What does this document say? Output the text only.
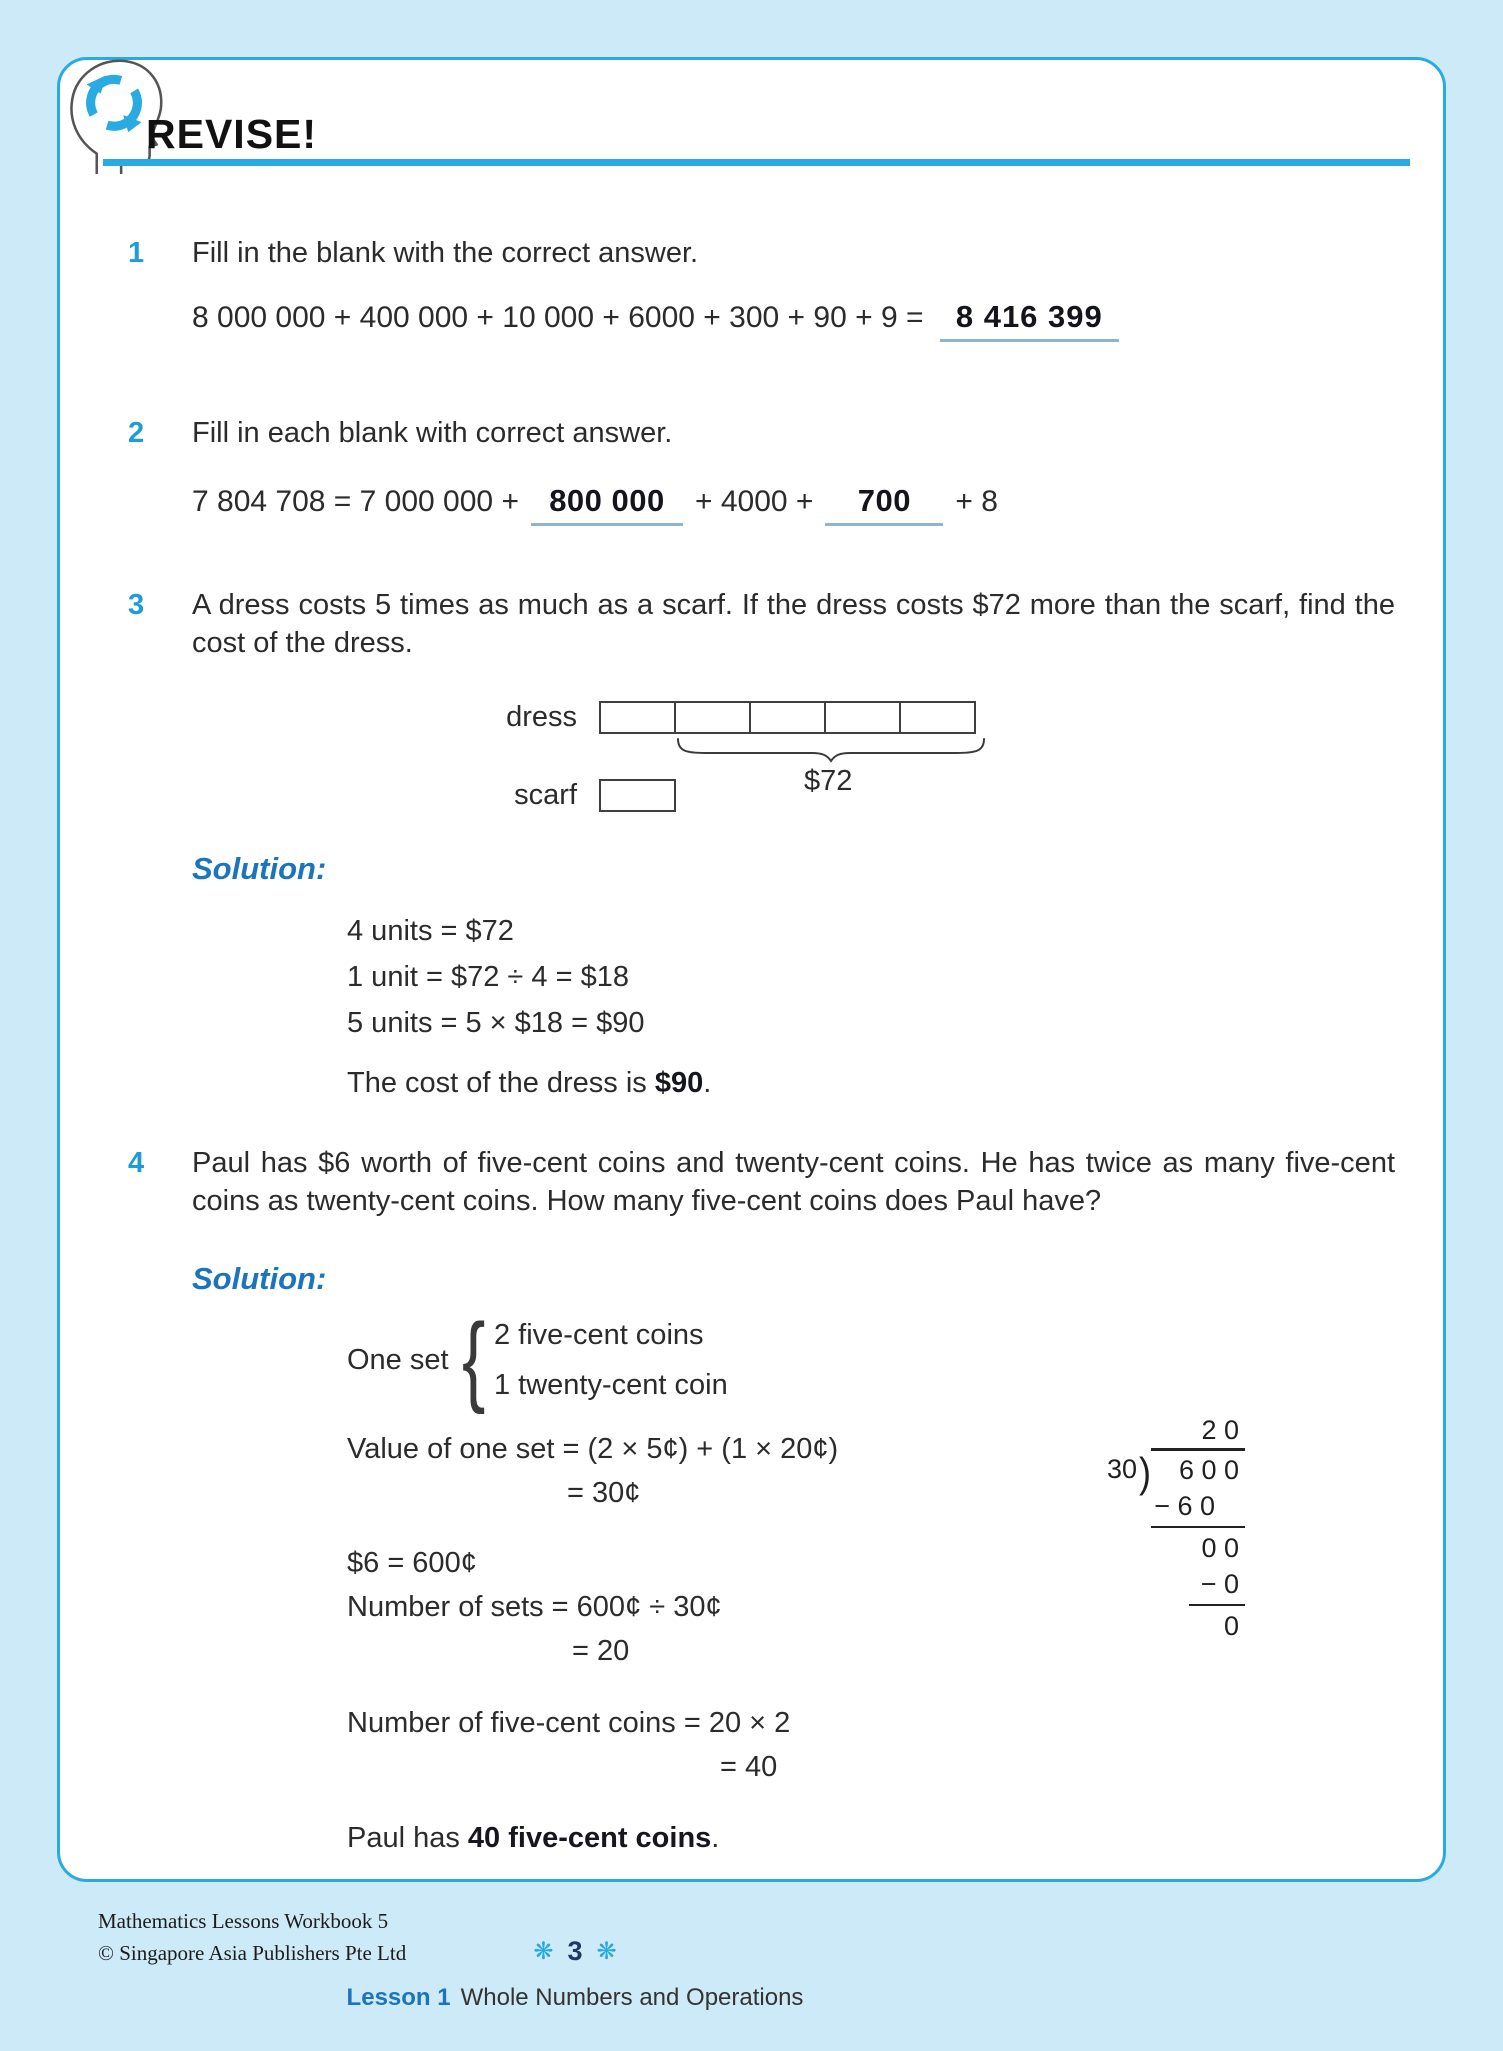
REVISE!
1	Fill in the blank with the correct answer.
8 000 000 + 400 000 + 10 000 + 6000 + 300 + 90 + 9 = 8 416 399
2	Fill in each blank with correct answer.
7 804 708 = 7 000 000 + 800 000 + 4000 + 700 + 8
3	A dress costs 5 times as much as a scarf. If the dress costs $72 more than the scarf, find the cost of the dress.
dress
$72
scarf
Solution:
4 units = $72
1 unit = $72 ÷ 4 = $18
5 units = 5 × $18 = $90
The cost of the dress is $90.
4	Paul has $6 worth of five-cent coins and twenty-cent coins. He has twice as many five-cent coins as twenty-cent coins. How many five-cent coins does Paul have?
Solution:
One set { 2 five-cent coins
1 twenty-cent coin
Value of one set = (2 × 5¢) + (1 × 20¢)
= 30¢
$6 = 600¢
Number of sets = 600¢ ÷ 30¢
= 20
Number of five-cent coins = 20 × 2
= 40
Paul has 40 five-cent coins.
2 0
30 )	6 0 0
− 6 0
0 0
− 0
0
Mathematics Lessons Workbook 5
© Singapore Asia Publishers Pte Ltd	❋ 3 ❋
Lesson 1 Whole Numbers and Operations
